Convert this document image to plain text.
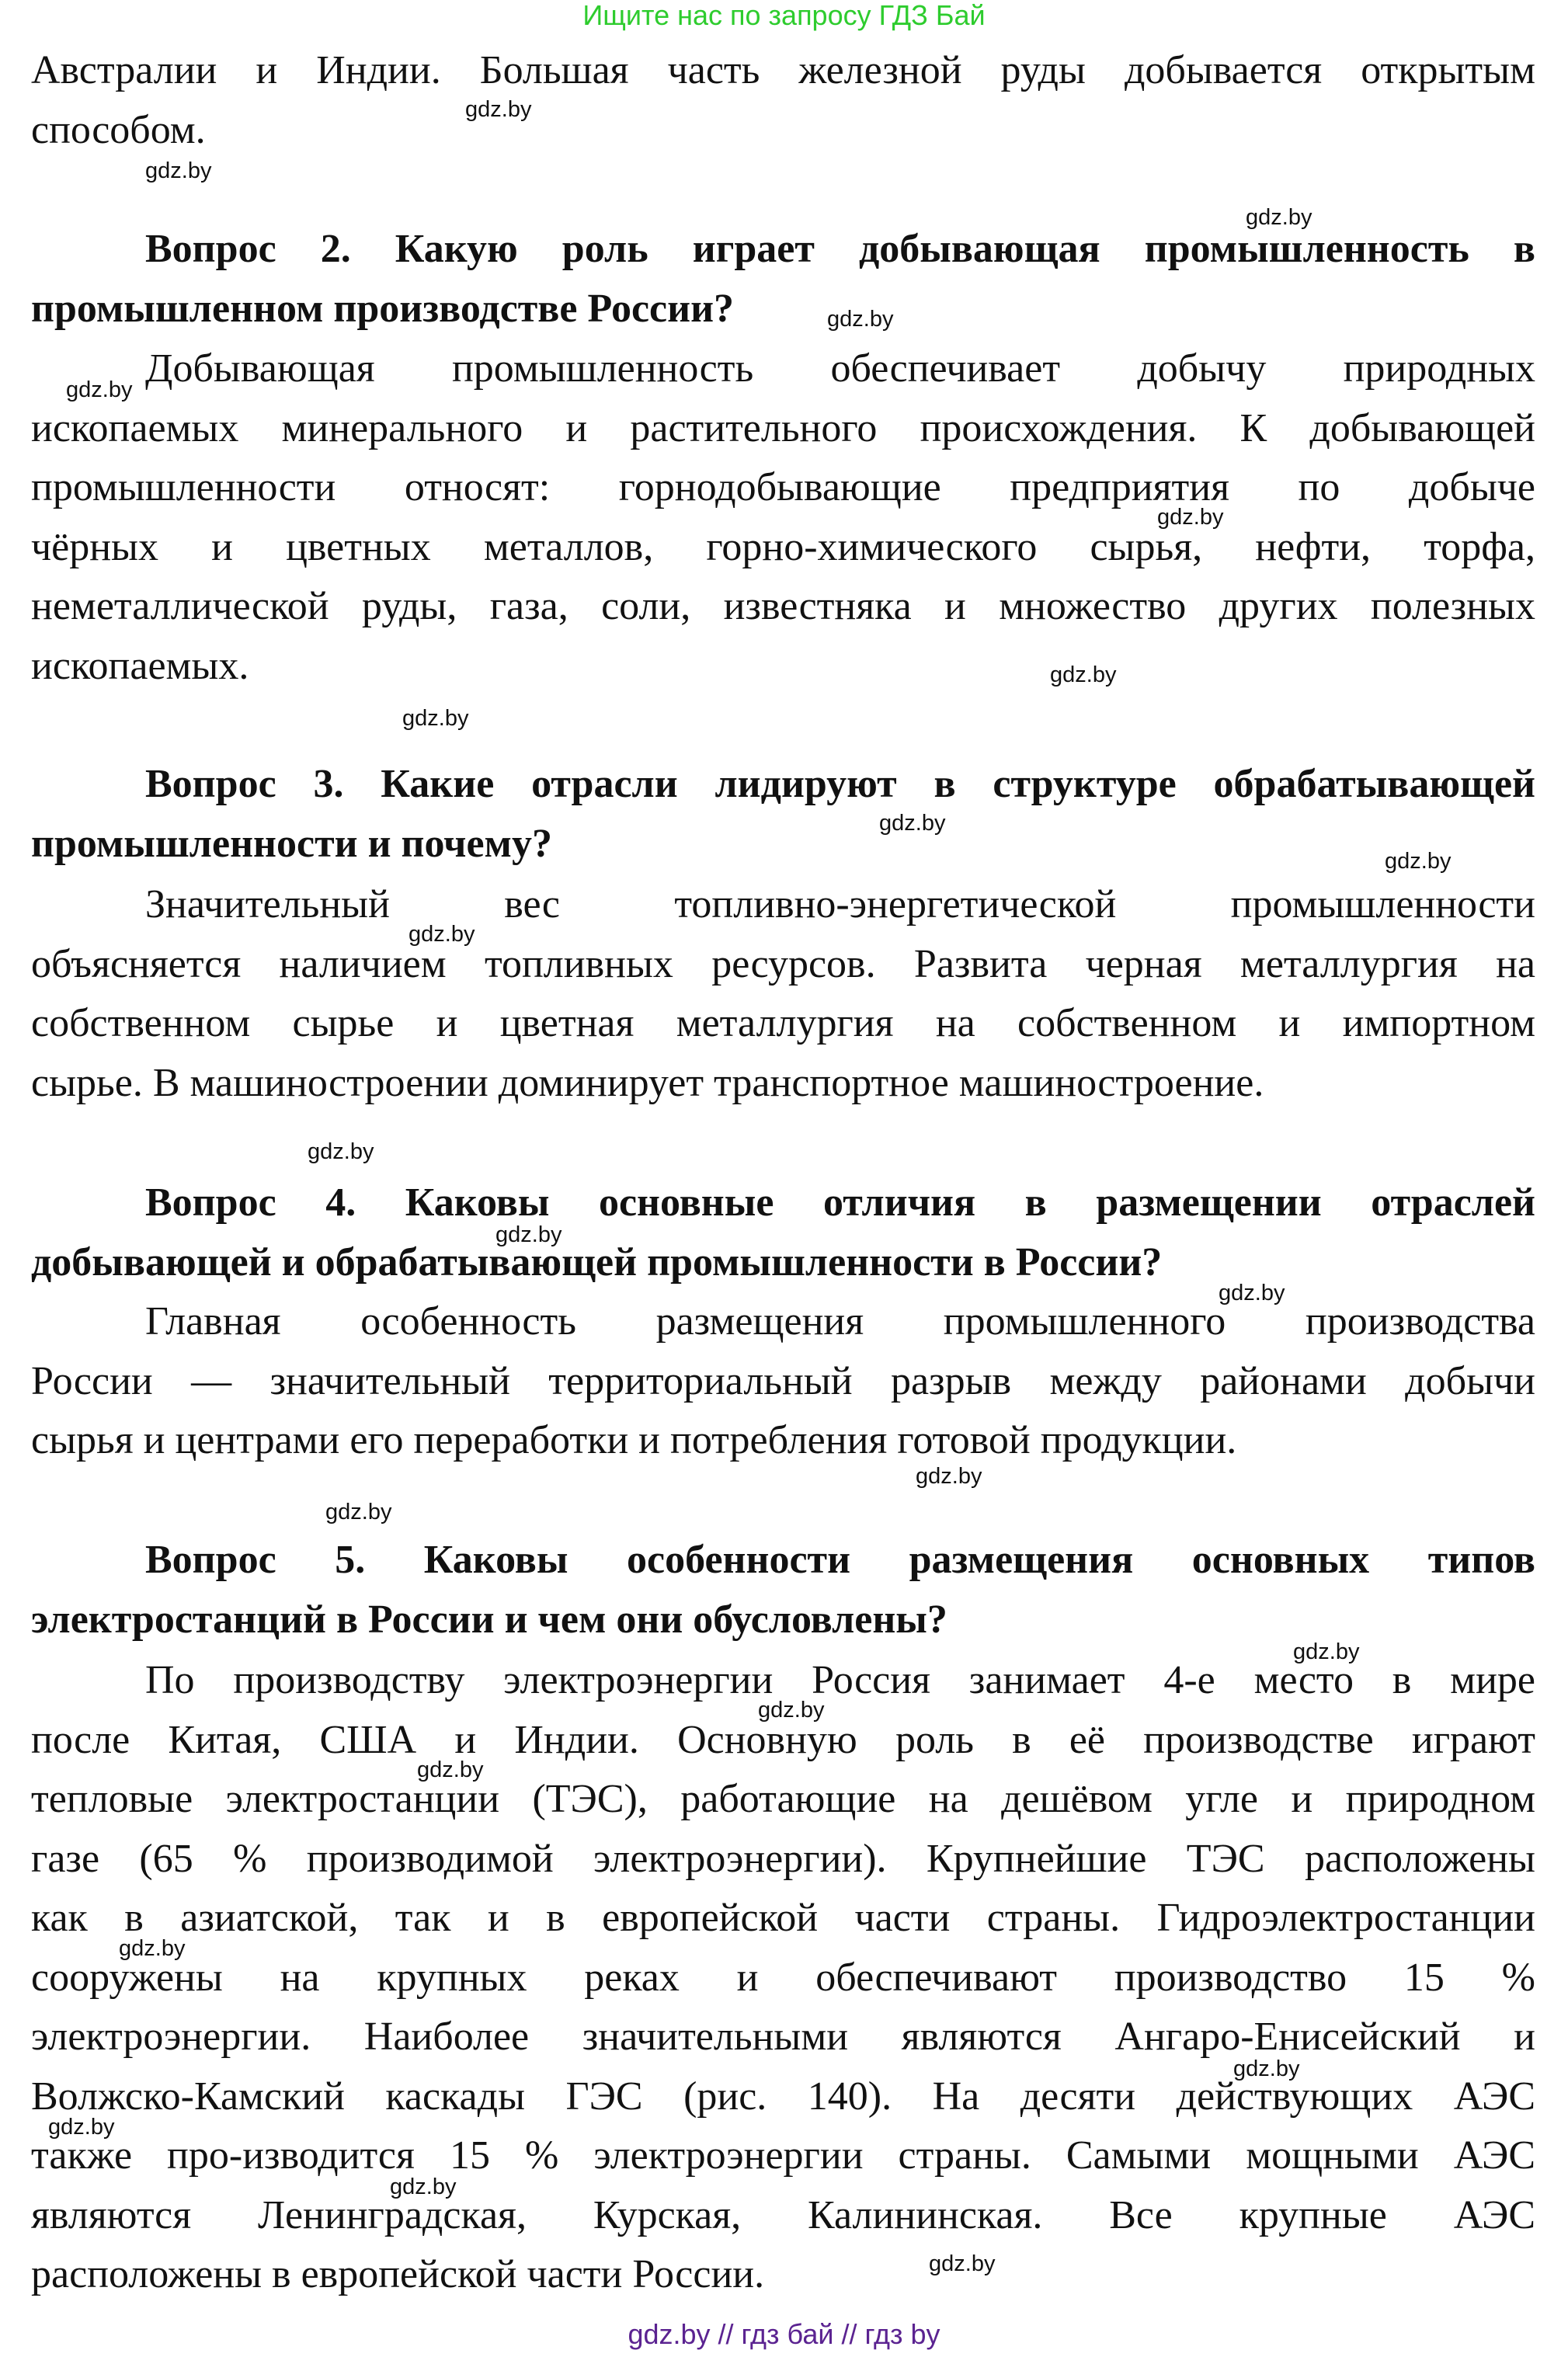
Ищите нас по запросу ГДЗ Бай
Австралии и Индии. Большая часть железной руды добывается открытым
способом.
Вопрос 2. Какую роль играет добывающая промышленность в
промышленном производстве России?
Добывающая промышленность обеспечивает добычу природных
ископаемых минерального и растительного происхождения. К добывающей
промышленности относят: горнодобывающие предприятия по добыче
чёрных и цветных металлов, горно-химического сырья, нефти, торфа,
неметаллической руды, газа, соли, известняка и множество других полезных
ископаемых.
Вопрос 3. Какие отрасли лидируют в структуре обрабатывающей
промышленности и почему?
Значительный вес топливно-энергетической промышленности
объясняется наличием топливных ресурсов. Развита черная металлургия на
собственном сырье и цветная металлургия на собственном и импортном
сырье. В машиностроении доминирует транспортное машиностроение.
Вопрос 4. Каковы основные отличия в размещении отраслей
добывающей и обрабатывающей промышленности в России?
Главная особенность размещения промышленного производства
России — значительный территориальный разрыв между районами добычи
сырья и центрами его переработки и потребления готовой продукции.
Вопрос 5. Каковы особенности размещения основных типов
электростанций в России и чем они обусловлены?
По производству электроэнергии Россия занимает 4-е место в мире
после Китая, США и Индии. Основную роль в её производстве играют
тепловые электростанции (ТЭС), работающие на дешёвом угле и природном
газе (65 % производимой электроэнергии). Крупнейшие ТЭС расположены
как в азиатской, так и в европейской части страны. Гидроэлектростанции
сооружены на крупных реках и обеспечивают производство 15 %
электроэнергии. Наиболее значительными являются Ангаро-Енисейский и
Волжско-Камский каскады ГЭС (рис. 140). На десяти действующих АЭС
также про-изводится 15 % электроэнергии страны. Самыми мощными АЭС
являются Ленинградская, Курская, Калининская. Все крупные АЭС
расположены в европейской части России.
gdz.by
gdz.by
gdz.by
gdz.by
gdz.by
gdz.by
gdz.by
gdz.by
gdz.by
gdz.by
gdz.by
gdz.by
gdz.by
gdz.by
gdz.by
gdz.by
gdz.by
gdz.by
gdz.by
gdz.by
gdz.by
gdz.by
gdz.by
gdz.by
gdz.by // гдз бай // гдз by
